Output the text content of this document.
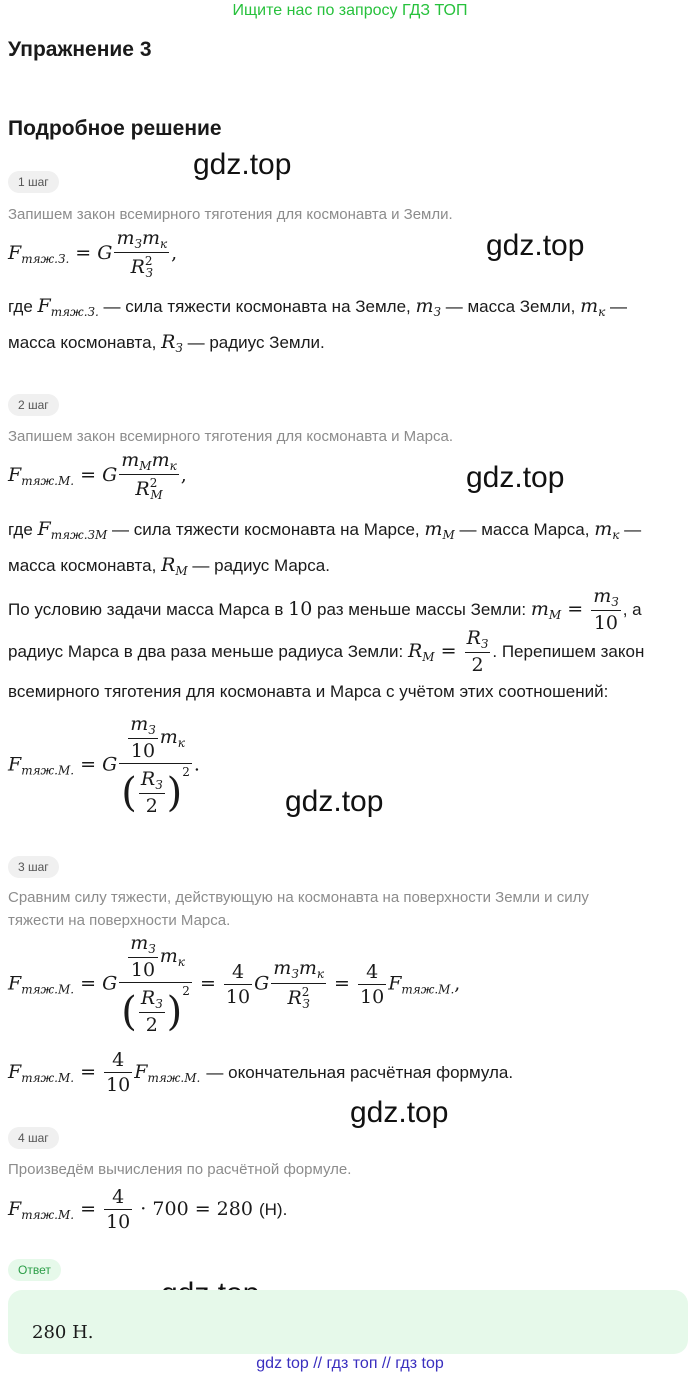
Ищите нас по запросу ГДЗ ТОП
Упражнение 3
Подробное решение
gdz.top
gdz.top
gdz.top
gdz.top
gdz.top
1 шаг
Запишем закон всемирного тяготения для космонавта и Земли.
$F_{тяж.З.} = G \frac{m_Зm_к}{R^2_З}$ ,
где $F_{тяж.З.}$ — сила тяжести космонавта на Земле, $m_З$ — масса Земли, $m_к$ —
масса космонавта, $R_З$ — радиус Земли.
2 шаг
Запишем закон всемирного тяготения для космонавта и Марса.
$F_{тяж.М.} = G \frac{m_Мm_к}{R^2_М}$ ,
где $F_{тяж.ЗМ}$ — сила тяжести космонавта на Марсе, $m_М$ — масса Марса, $m_к$ —
масса космонавта, $R_М$ — радиус Марса.
По условию задачи масса Марса в 10 раз меньше массы Земли: $m_М = \frac{m_З}{10}$ , а
радиус Марса в два раза меньше радиуса Земли: $R_М = \frac{R_З}{2}$ . Перепишем закон
всемирного тяготения для космонавта и Марса с учётом этих соотношений:
$F_{тяж.М.} = G \frac{\frac{m_З}{10} m_к}{( \frac{R_З}{2} )^2}$ .
3 шаг
Сравним силу тяжести, действующую на космонавта на поверхности Земли и силу
тяжести на поверхности Марса.
$F_{тяж.М.} = G \frac{\frac{m_З}{10} m_к}{( \frac{R_З}{2} )^2} = \frac{4}{10}$ G $\frac{m_Зm_к}{R^2_З} = \frac{4}{10} F_{тяж.М.}$,
$F_{тяж.М.} = \frac{4}{10} F_{тяж.М.}$ — окончательная расчётная формула.
4 шаг
Произведём вычисления по расчётной формуле.
$F_{тяж.М.} = \frac{4}{10} \cdot 700 = 280$ (Н).
Ответ
280 Н.
gdz top // гдз топ // гдз top
